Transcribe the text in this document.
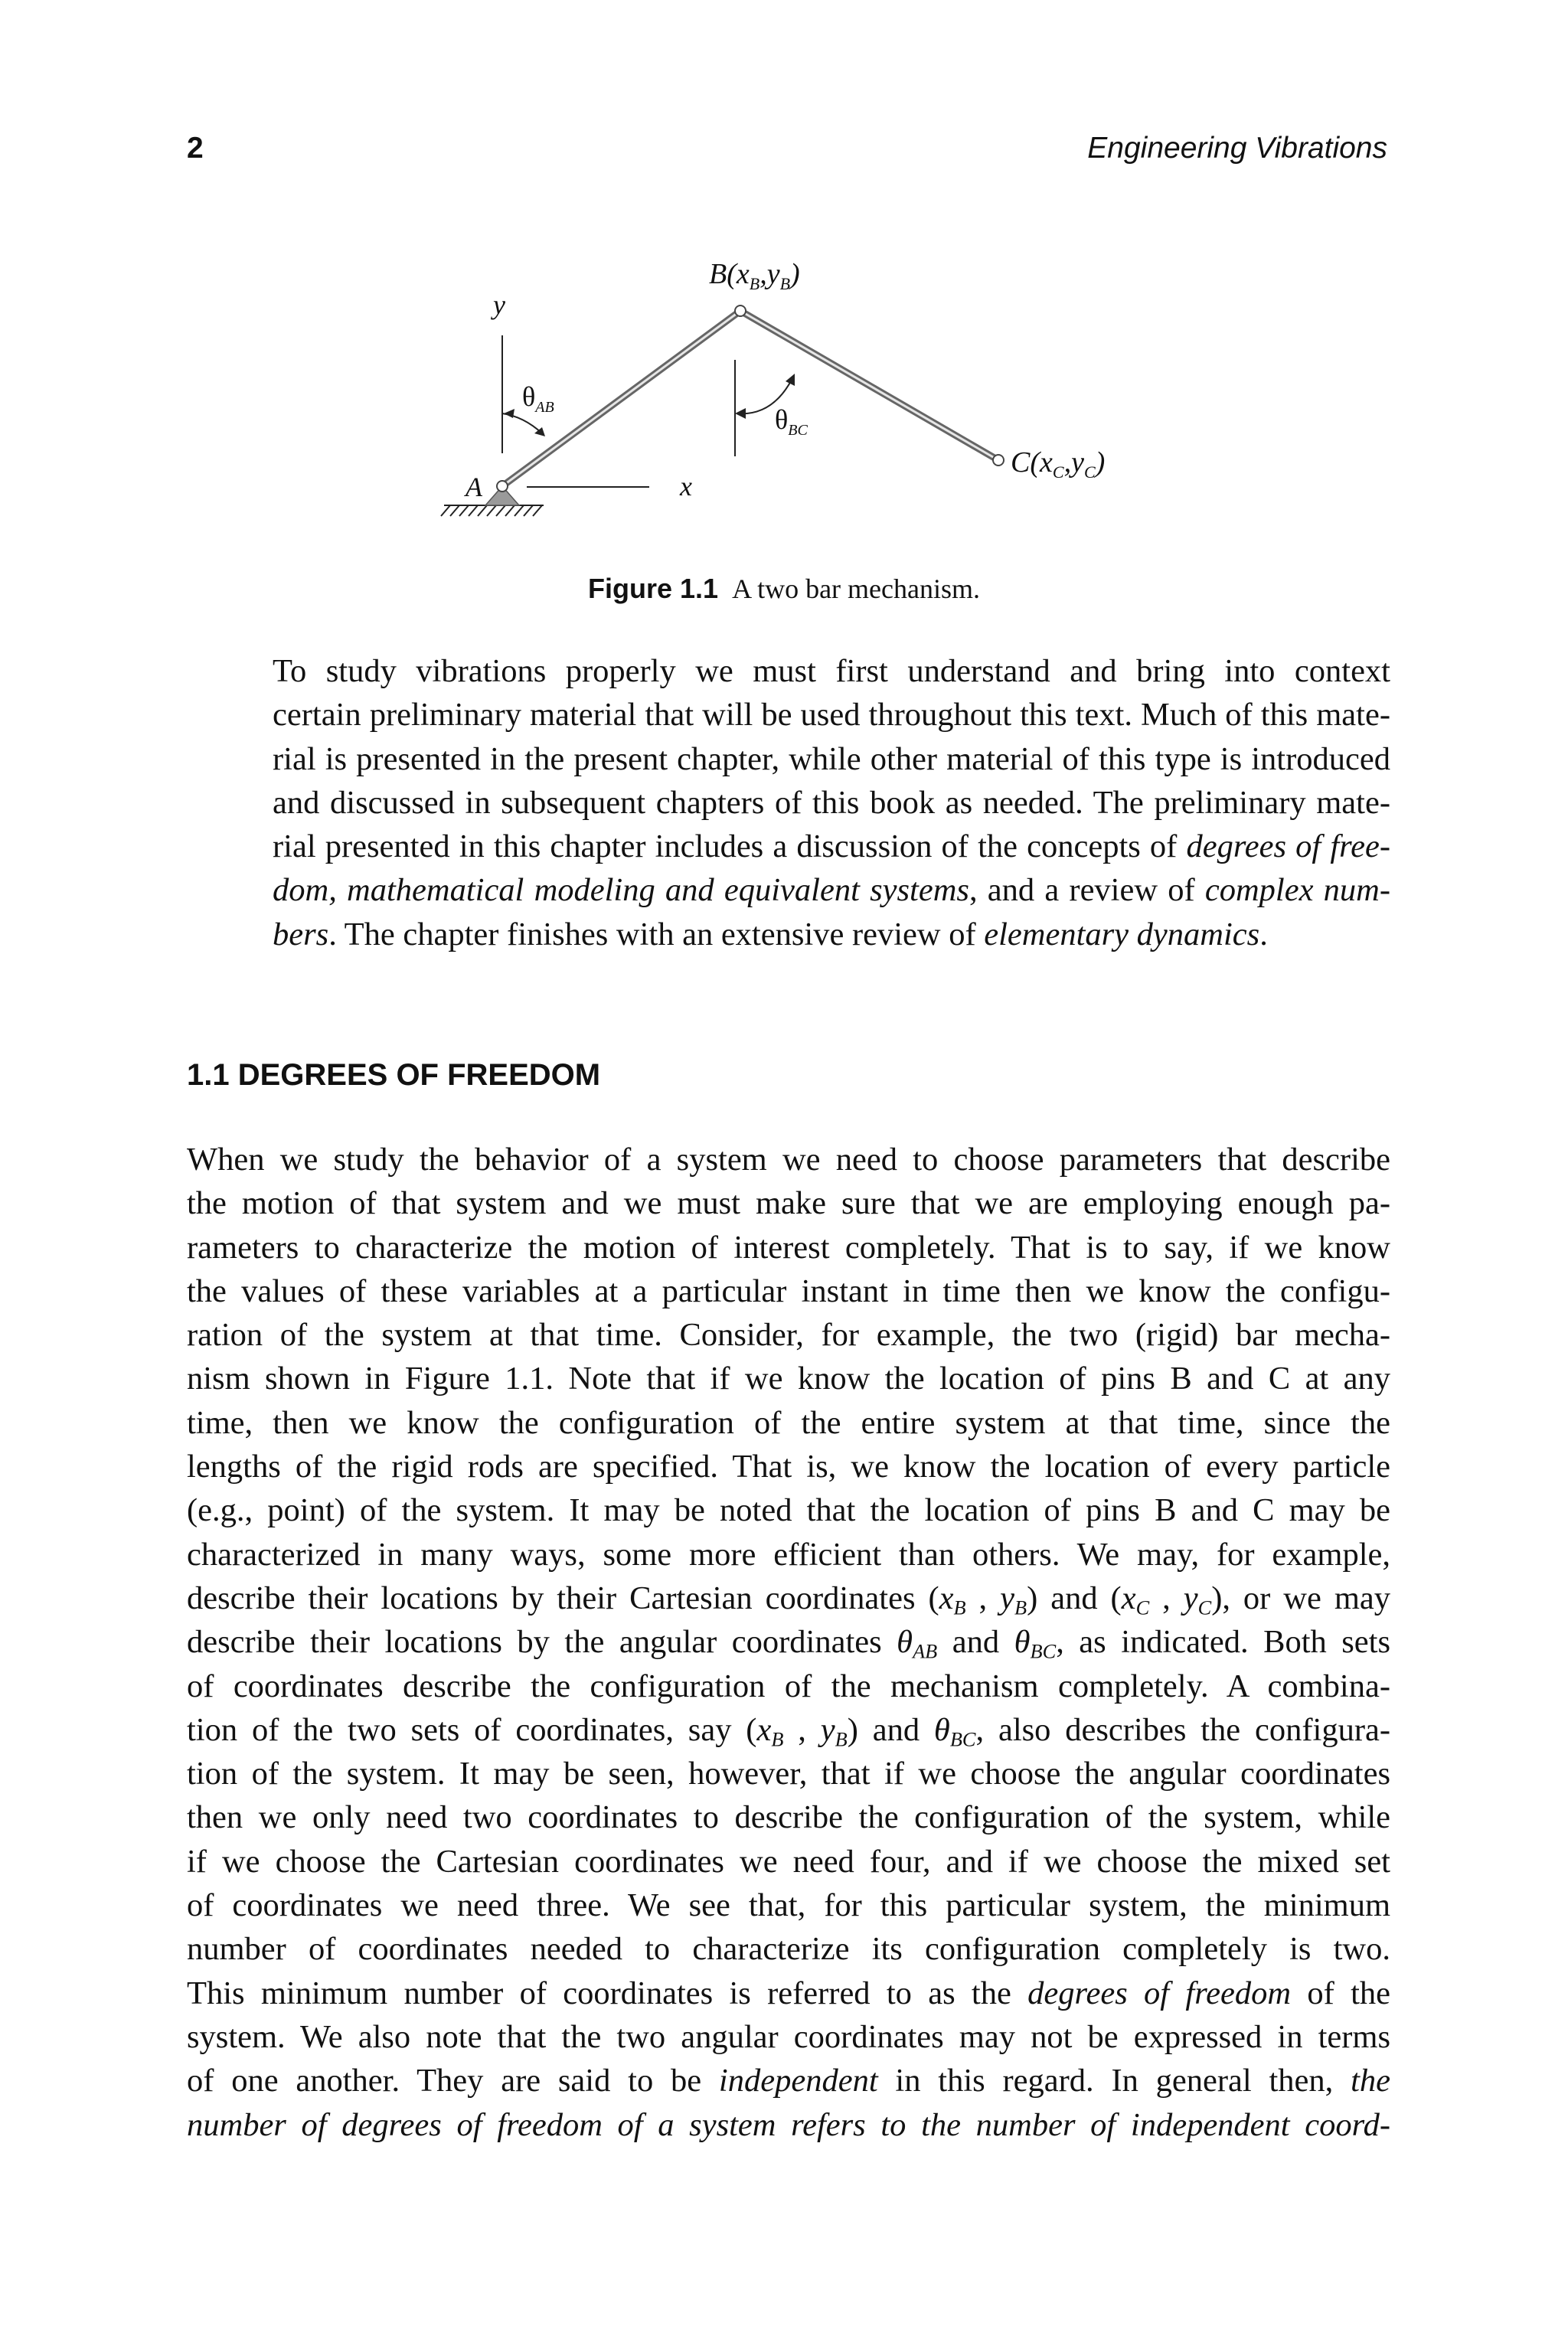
2	Engineering Vibrations
y
x
A
$B(x_B,y_B)$
$C(x_C,y_C)$
$\theta_{AB}$	$\theta_{BC}$
Figure 1.1 A two bar mechanism.
To study vibrations properly we must first understand and bring into context
certain preliminary material that will be used throughout this text. Much of this mate-
rial is presented in the present chapter, while other material of this type is introduced
and discussed in subsequent chapters of this book as needed. The preliminary mate-
rial presented in this chapter includes a discussion of the concepts of degrees of free-
dom, mathematical modeling and equivalent systems, and a review of complex num-
bers. The chapter finishes with an extensive review of elementary dynamics.
1.1 DEGREES OF FREEDOM
When we study the behavior of a system we need to choose parameters that describe
the motion of that system and we must make sure that we are employing enough pa-
rameters to characterize the motion of interest completely. That is to say, if we know
the values of these variables at a particular instant in time then we know the configu-
ration of the system at that time. Consider, for example, the two (rigid) bar mecha-
nism shown in Figure 1.1. Note that if we know the location of pins B and C at any
time, then we know the configuration of the entire system at that time, since the
lengths of the rigid rods are specified. That is, we know the location of every particle
(e.g., point) of the system. It may be noted that the location of pins B and C may be
characterized in many ways, some more efficient than others. We may, for example,
describe their locations by their Cartesian coordinates ($x_B$ , $y_B$) and ($x_C$ , $y_C$), or we may
describe their locations by the angular coordinates $\theta_{AB}$ and $\theta_{BC}$, as indicated. Both sets
of coordinates describe the configuration of the mechanism completely. A combina-
tion of the two sets of coordinates, say ($x_B$ , $y_B$) and $\theta_{BC}$, also describes the configura-
tion of the system. It may be seen, however, that if we choose the angular coordinates
then we only need two coordinates to describe the configuration of the system, while
if we choose the Cartesian coordinates we need four, and if we choose the mixed set
of coordinates we need three. We see that, for this particular system, the minimum
number of coordinates needed to characterize its configuration completely is two.
This minimum number of coordinates is referred to as the degrees of freedom of the
system. We also note that the two angular coordinates may not be expressed in terms
of one another. They are said to be independent in this regard. In general then, the
number of degrees of freedom of a system refers to the number of independent coord-
